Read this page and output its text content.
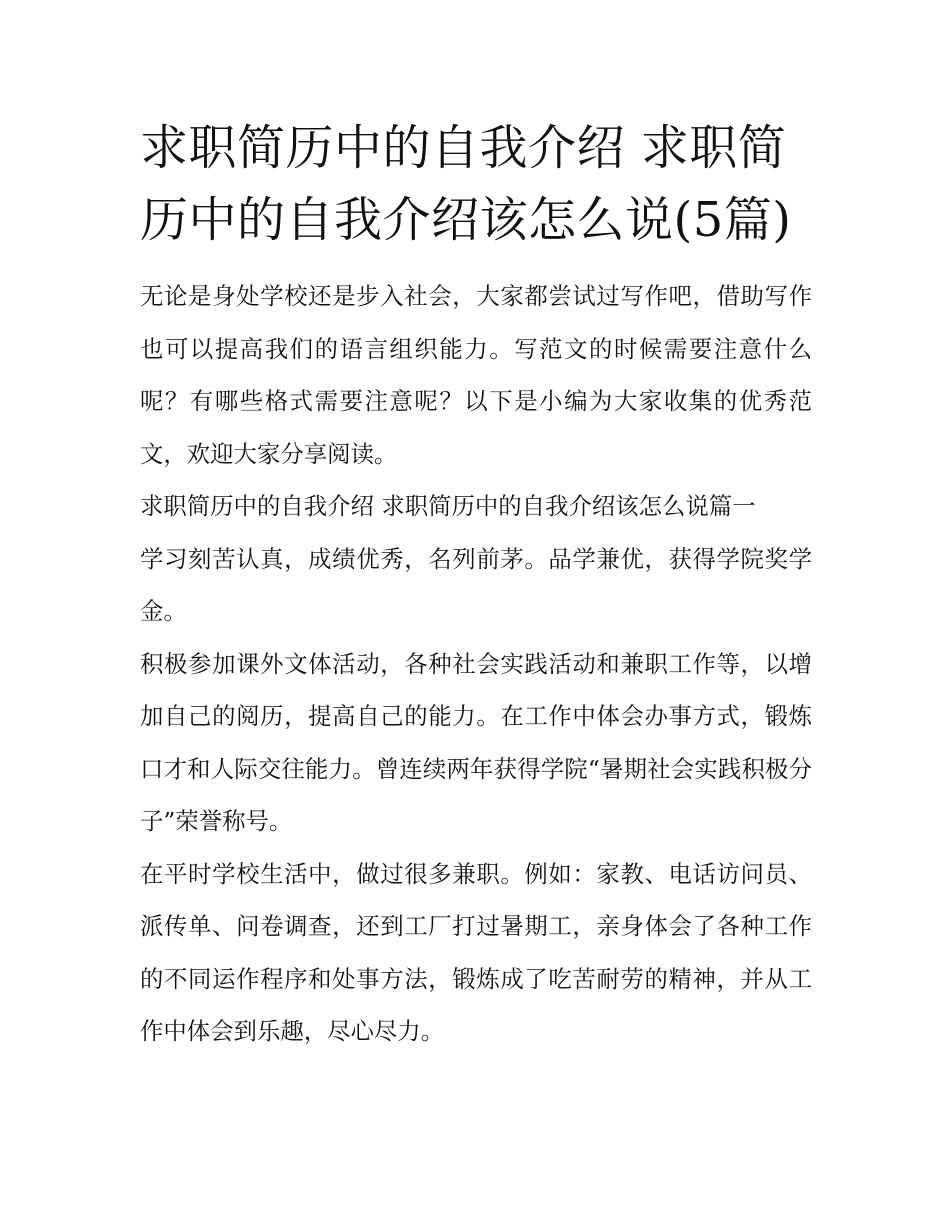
求职简历中的自我介绍 求职简历中的自我介绍该怎么说(5篇)

无论是身处学校还是步入社会，大家都尝试过写作吧，借助写作也可以提高我们的语言组织能力。写范文的时候需要注意什么呢？有哪些格式需要注意呢？以下是小编为大家收集的优秀范文，欢迎大家分享阅读。

求职简历中的自我介绍 求职简历中的自我介绍该怎么说篇一

学习刻苦认真，成绩优秀，名列前茅。品学兼优，获得学院奖学金。

积极参加课外文体活动，各种社会实践活动和兼职工作等，以增加自己的阅历，提高自己的能力。在工作中体会办事方式，锻炼口才和人际交往能力。曾连续两年获得学院“暑期社会实践积极分子”荣誉称号。

在平时学校生活中，做过很多兼职。例如：家教、电话访问员、派传单、问卷调查，还到工厂打过暑期工，亲身体会了各种工作的不同运作程序和处事方法，锻炼成了吃苦耐劳的精神，并从工作中体会到乐趣，尽心尽力。
